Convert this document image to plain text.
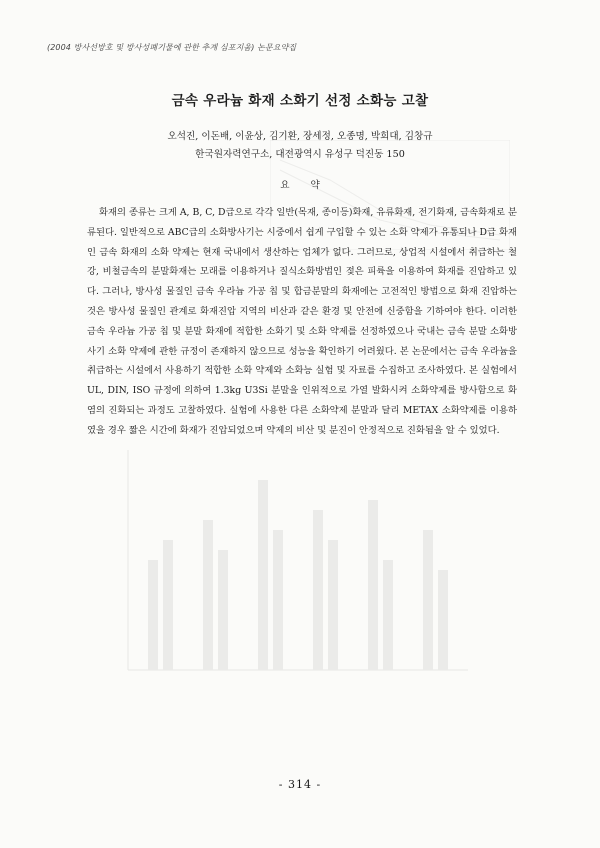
(2004 방사선방호 및 방사성폐기물에 관한 추계 심포지움) 논문요약집
금속 우라늄 화재 소화기 선정 소화능 고찰
오석진, 이돈배, 이윤상, 김기환, 장세정, 오종명, 박희대, 김창규
한국원자력연구소, 대전광역시 유성구 덕진동 150
요 약

화재의 종류는 크게 A, B, C, D급으로 각각 일반(목재, 종이등)화재, 유류화재, 전기화재, 금속화재로 분류된다. 일반적으로 ABC급의 소화방사기는 시중에서 쉽게 구입할 수 있는 소화 약제가 유통되나 D급 화재인 금속 화재의 소화 약제는 현재 국내에서 생산하는 업체가 없다. 그러므로, 상업적 시설에서 취급하는 철강, 비철금속의 분말화재는 모래를 이용하거나 질식소화방법인 젖은 피륙을 이용하여 화재를 진압하고 있다. 그러나, 방사성 물질인 금속 우라늄 가공 칩 및 합금분말의 화재에는 고전적인 방법으로 화재 진압하는 것은 방사성 물질인 관계로 화재진압 지역의 비산과 같은 환경 및 안전에 신중함을 기하여야 한다. 이러한 금속 우라늄 가공 칩 및 분말 화재에 적합한 소화기 및 소화 약제를 선정하였으나 국내는 금속 분말 소화방사기 소화 약제에 관한 규정이 존재하지 않으므로 성능을 확인하기 어려웠다. 본 논문에서는 금속 우라늄을 취급하는 시설에서 사용하기 적합한 소화 약제와 소화능 실험 및 자료를 수집하고 조사하였다. 본 실험에서 UL, DIN, ISO 규정에 의하여 1.3kg U3Si 분말을 인위적으로 가열 발화시켜 소화약제를 방사함으로 화염의 진화되는 과정도 고찰하였다. 실험에 사용한 다른 소화약제 분말과 달리 METAX 소화약제를 이용하였을 경우 짧은 시간에 화재가 진압되었으며 약제의 비산 및 분진이 안정적으로 진화됨을 알 수 있었다.

- 314 -
